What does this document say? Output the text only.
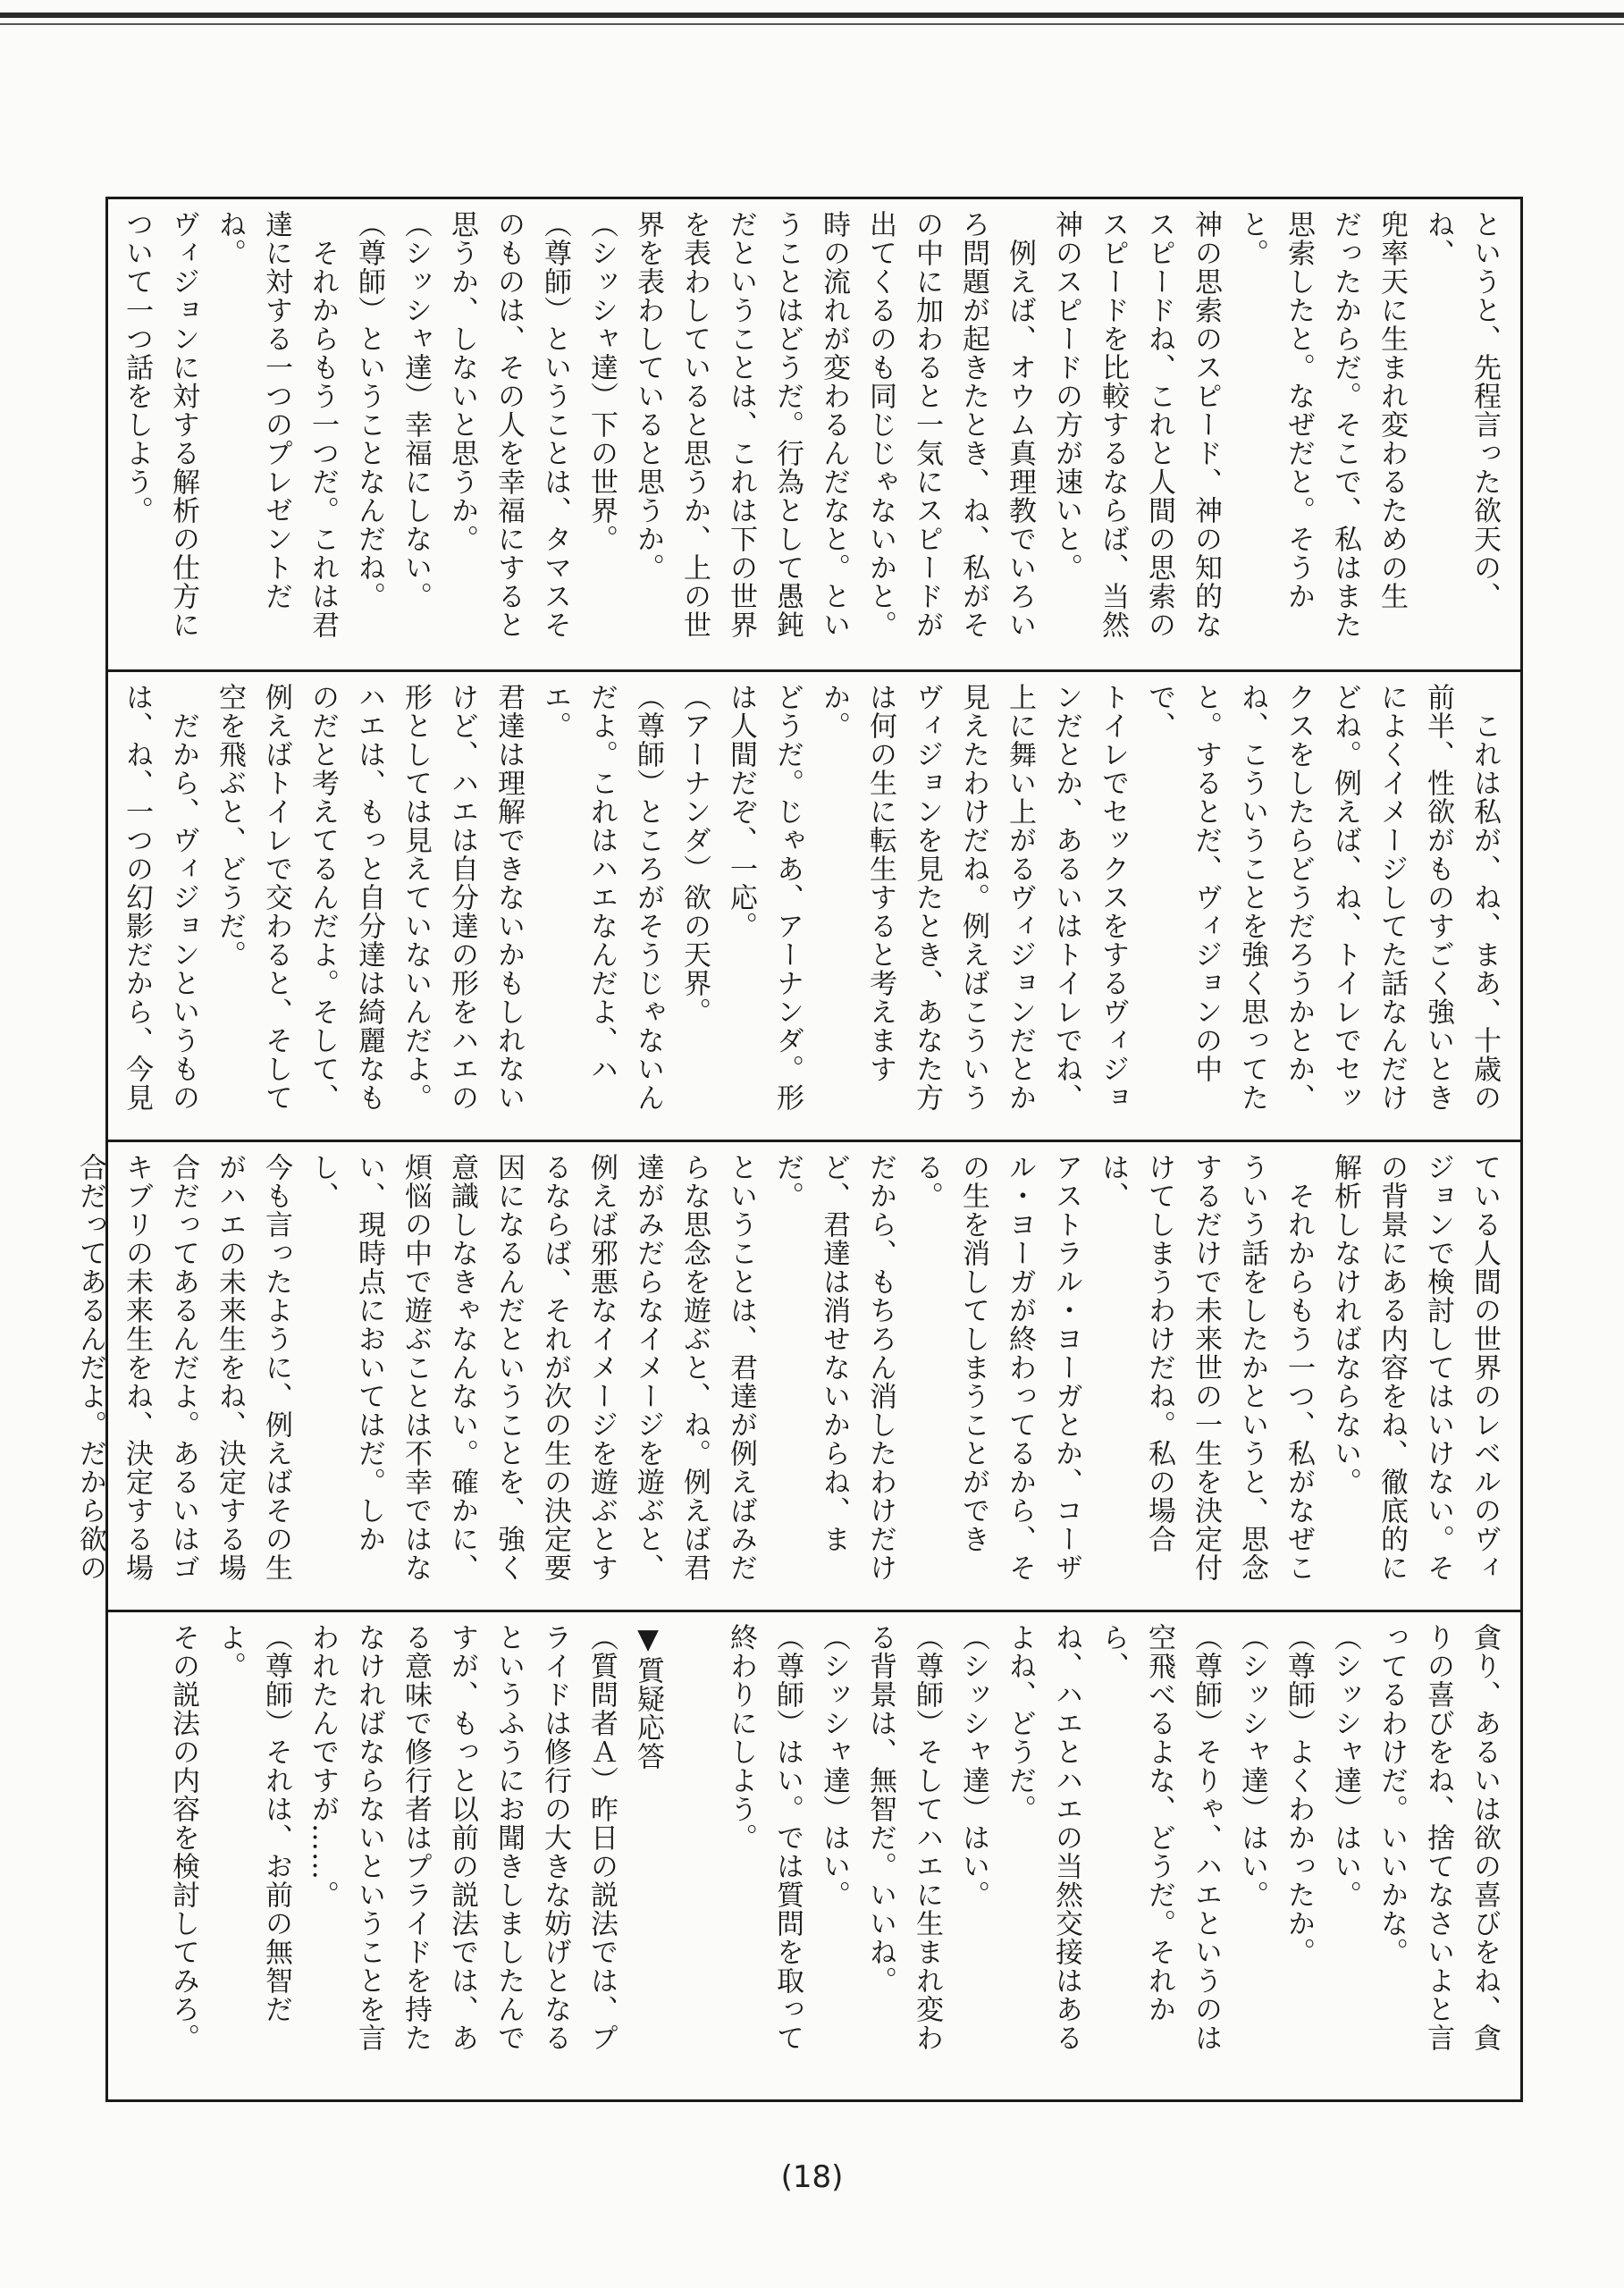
というと、先程言った欲天の、ね、
兜率天に生まれ変わるための生
だったからだ。そこで、私はまた
思索したと。なぜだと。そうかと。
神の思索のスピード、神の知的な
スピードね、これと人間の思索の
スピードを比較するならば、当然
神のスピードの方が速いと。
　例えば、オウム真理教でいろい
ろ問題が起きたとき、ね、私がそ
の中に加わると一気にスピードが
出てくるのも同じじゃないかと。
時の流れが変わるんだなと。とい
うことはどうだ。行為として愚鈍
だということは、これは下の世界
を表わしていると思うか、上の世
界を表わしていると思うか。
（シッシャ達）下の世界。
（尊師）ということは、タマスそ
のものは、その人を幸福にすると
思うか、しないと思うか。
（シッシャ達）幸福にしない。
（尊師）ということなんだね。
　それからもう一つだ。これは君
達に対する一つのプレゼントだね。
ヴィジョンに対する解析の仕方に
ついて一つ話をしよう。

　これは私が、ね、まあ、十歳の
前半、性欲がものすごく強いとき
によくイメージしてた話なんだけ
どね。例えば、ね、トイレでセッ
クスをしたらどうだろうかとか、
ね、こういうことを強く思ってた
と。するとだ、ヴィジョンの中で、
トイレでセックスをするヴィジョ
ンだとか、あるいはトイレでね、
上に舞い上がるヴィジョンだとか
見えたわけだね。例えばこういう
ヴィジョンを見たとき、あなた方
は何の生に転生すると考えますか。
どうだ。じゃあ、アーナンダ。形
は人間だぞ、一応。
（アーナンダ）欲の天界。
（尊師）ところがそうじゃないん
だよ。これはハエなんだよ、ハエ。
君達は理解できないかもしれない
けど、ハエは自分達の形をハエの
形としては見えていないんだよ。
ハエは、もっと自分達は綺麗なも
のだと考えてるんだよ。そして、
例えばトイレで交わると、そして
空を飛ぶと、どうだ。
　だから、ヴィジョンというもの
は、ね、一つの幻影だから、今見

ている人間の世界のレベルのヴィ
ジョンで検討してはいけない。そ
の背景にある内容をね、徹底的に
解析しなければならない。
　それからもう一つ、私がなぜこ
ういう話をしたかというと、思念
するだけで未来世の一生を決定付
けてしまうわけだね。私の場合は、
アストラル・ヨーガとか、コーザ
ル・ヨーガが終わってるから、そ
の生を消してしまうことができる。
だから、もちろん消したわけだけ
ど、君達は消せないからね、まだ。
ということは、君達が例えばみだ
らな思念を遊ぶと、ね。例えば君
達がみだらなイメージを遊ぶと、
例えば邪悪なイメージを遊ぶとす
るならば、それが次の生の決定要
因になるんだということを、強く
意識しなきゃなんない。確かに、
煩悩の中で遊ぶことは不幸ではな
い、現時点においてはだ。しかし、
今も言ったように、例えばその生
がハエの未来生をね、決定する場
合だってあるんだよ。あるいはゴ
キブリの未来生をね、決定する場
合だってあるんだよ。だから欲の

貪り、あるいは欲の喜びをね、貪
りの喜びをね、捨てなさいよと言
ってるわけだ。いいかな。
（シッシャ達）はい。
（尊師）よくわかったか。
（シッシャ達）はい。
（尊師）そりゃ、ハエというのは
空飛べるよな、どうだ。それから、
ね、ハエとハエの当然交接はある
よね、どうだ。
（シッシャ達）はい。
（尊師）そしてハエに生まれ変わ
る背景は、無智だ。いいね。
（シッシャ達）はい。
（尊師）はい。では質問を取って
終わりにしよう。

▼質疑応答
（質問者Ａ）昨日の説法では、プ
ライドは修行の大きな妨げとなる
というふうにお聞きしましたんで
すが、もっと以前の説法では、あ
る意味で修行者はプライドを持た
なければならないということを言
われたんですが……。
（尊師）それは、お前の無智だよ。
その説法の内容を検討してみろ。

(18)
